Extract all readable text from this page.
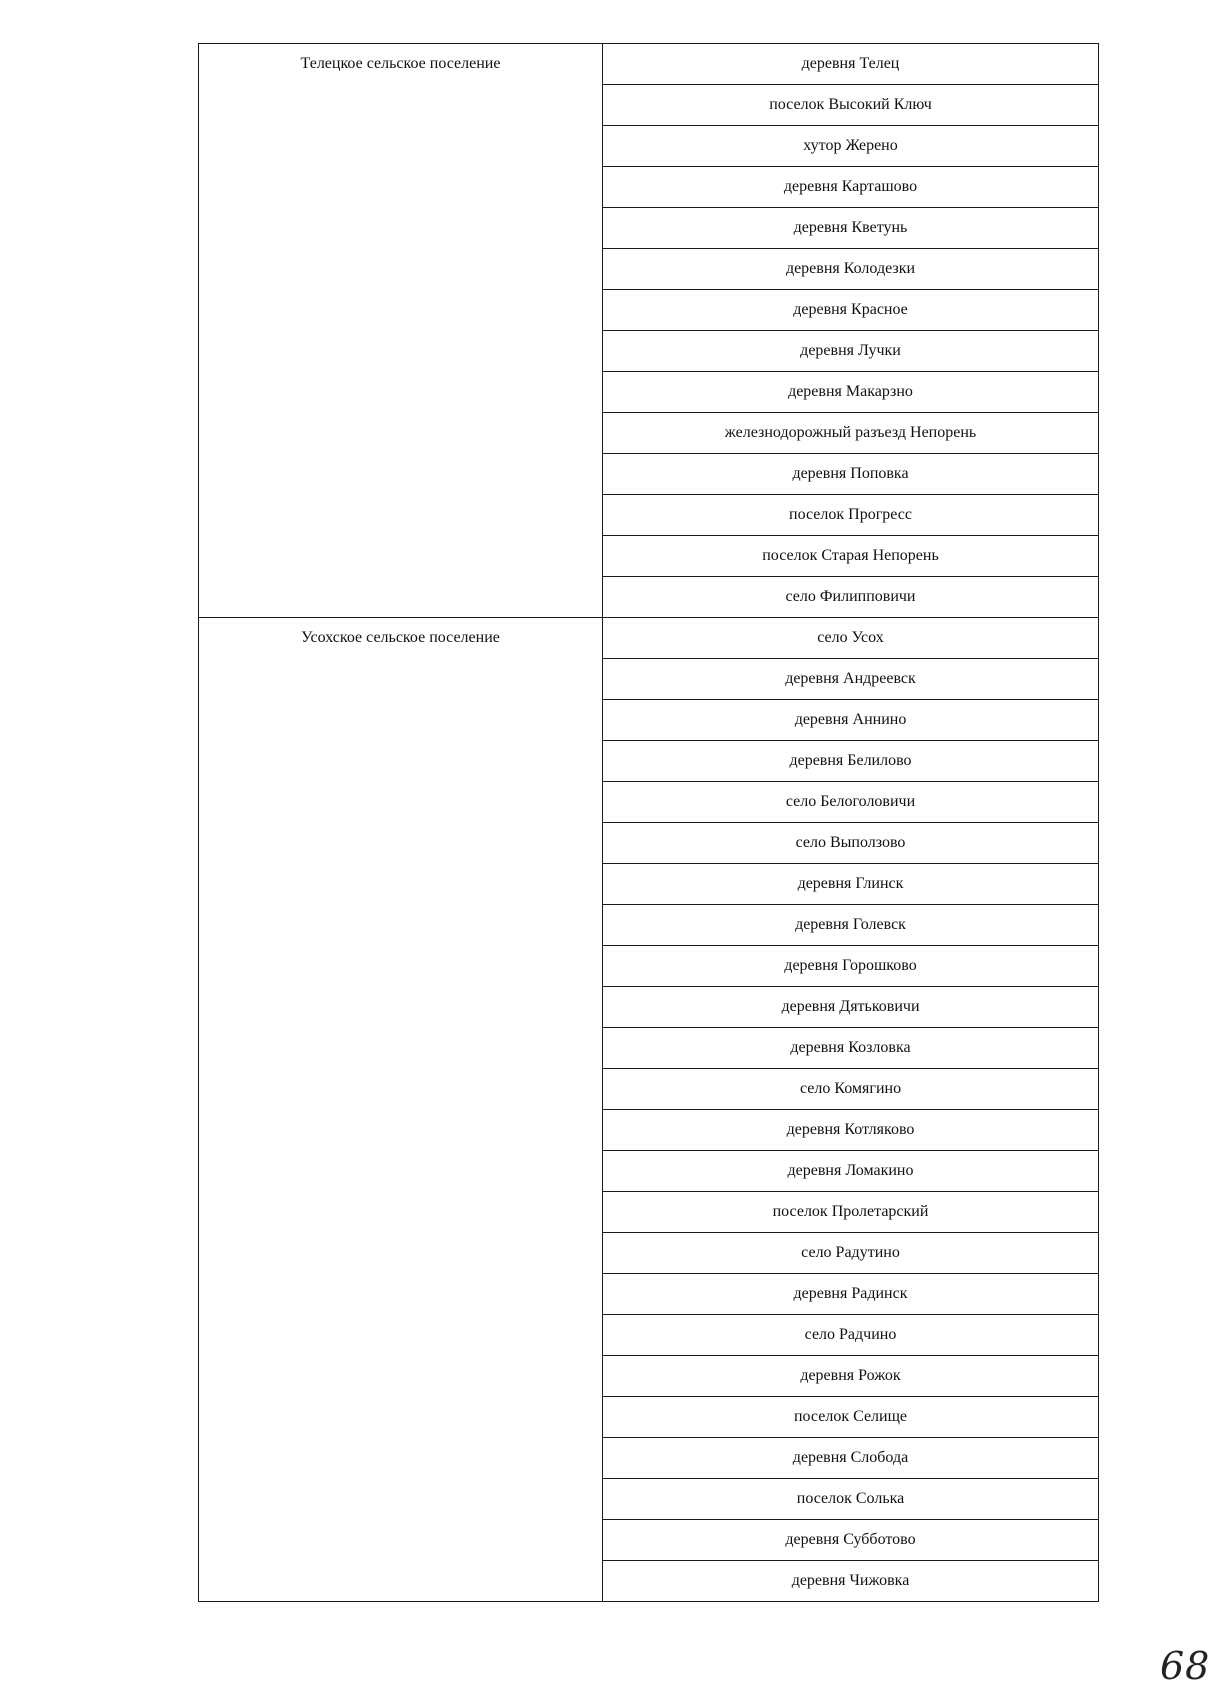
Телецкое сельское поселение	деревня Телец
	поселок Высокий Ключ
	хутор Жерено
	деревня Карташово
	деревня Кветунь
	деревня Колодезки
	деревня Красное
	деревня Лучки
	деревня Макарзно
	железнодорожный разъезд Непорень
	деревня Поповка
	поселок Прогресс
	поселок Старая Непорень
	село Филипповичи
Усохское сельское поселение	село Усох
	деревня Андреевск
	деревня Аннино
	деревня Белилово
	село Белоголовичи
	село Выползово
	деревня Глинск
	деревня Голевск
	деревня Горошково
	деревня Дятьковичи
	деревня Козловка
	село Комягино
	деревня Котляково
	деревня Ломакино
	поселок Пролетарский
	село Радутино
	деревня Радинск
	село Радчино
	деревня Рожок
	поселок Селище
	деревня Слобода
	поселок Солька
	деревня Субботово
	деревня Чижовка
68
